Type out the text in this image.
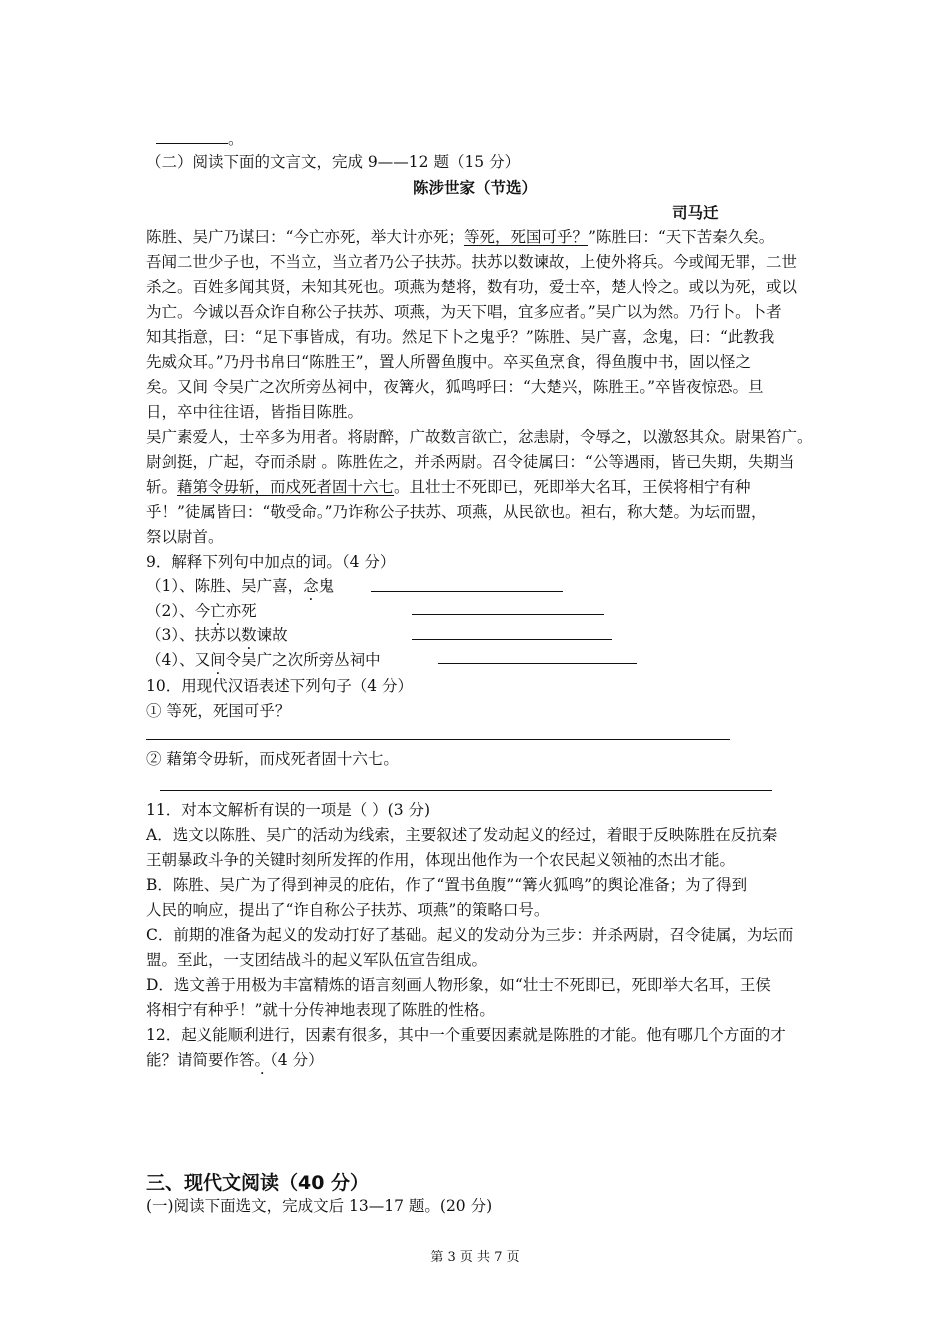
。
（二）阅读下面的文言文，完成 9——12 题（15 分）
陈涉世家（节选）
司马迁
陈胜、吴广乃谋曰：“今亡亦死，举大计亦死；等死，死国可乎？”陈胜曰：“天下苦秦久矣。
吾闻二世少子也，不当立，当立者乃公子扶苏。扶苏以数谏故，上使外将兵。今或闻无罪，二世
杀之。百姓多闻其贤，未知其死也。项燕为楚将，数有功，爱士卒，楚人怜之。或以为死，或以
为亡。今诚以吾众诈自称公子扶苏、项燕，为天下唱，宜多应者。”吴广以为然。乃行卜。卜者
知其指意，曰：“足下事皆成，有功。然足下卜之鬼乎？”陈胜、吴广喜，念鬼，曰：“此教我
先威众耳。”乃丹书帛曰“陈胜王”，置人所罾鱼腹中。卒买鱼烹食，得鱼腹中书，固以怪之
矣。又间 令吴广之次所旁丛祠中，夜篝火，狐鸣呼曰：“大楚兴，陈胜王。”卒皆夜惊恐。旦
日，卒中往往语，皆指目陈胜。
吴广素爱人，士卒多为用者。将尉醉，广故数言欲亡，忿恚尉，令辱之，以激怒其众。尉果笞广。
尉剑挺，广起，夺而杀尉 。陈胜佐之，并杀两尉。召令徒属曰：“公等遇雨，皆已失期，失期当
斩。藉第令毋斩，而戍死者固十六七。且壮士不死即已，死即举大名耳，王侯将相宁有种
乎！”徒属皆曰：“敬受命。”乃诈称公子扶苏、项燕，从民欲也。袒右，称大楚。为坛而盟，
祭以尉首。
9．解释下列句中加点的词。（4 分）
（1）、陈胜、吴广喜，念鬼
（2）、今亡亦死
（3）、扶苏以数谏故
（4）、又间令吴广之次所旁丛祠中
10．用现代汉语表述下列句子（4 分）
① 等死，死国可乎？
② 藉第令毋斩，而戍死者固十六七。
11．对本文解析有误的一项是（ ）(3 分)
A．选文以陈胜、吴广的活动为线索，主要叙述了发动起义的经过，着眼于反映陈胜在反抗秦
王朝暴政斗争的关键时刻所发挥的作用，体现出他作为一个农民起义领袖的杰出才能。
B．陈胜、吴广为了得到神灵的庇佑，作了“置书鱼腹”“篝火狐鸣”的舆论准备；为了得到
人民的响应，提出了“诈自称公子扶苏、项燕”的策略口号。
C．前期的准备为起义的发动打好了基础。起义的发动分为三步：并杀两尉，召令徒属，为坛而
盟。至此，一支团结战斗的起义军队伍宣告组成。
D．选文善于用极为丰富精炼的语言刻画人物形象，如“壮士不死即已，死即举大名耳，王侯
将相宁有种乎！”就十分传神地表现了陈胜的性格。
12．起义能顺利进行，因素有很多，其中一个重要因素就是陈胜的才能。他有哪几个方面的才
能？请简要作答。 ·（4 分）
三、现代文阅读（40 分）
(一)阅读下面选文，完成文后 13—17 题。(20 分)
第 3 页 共 7 页
